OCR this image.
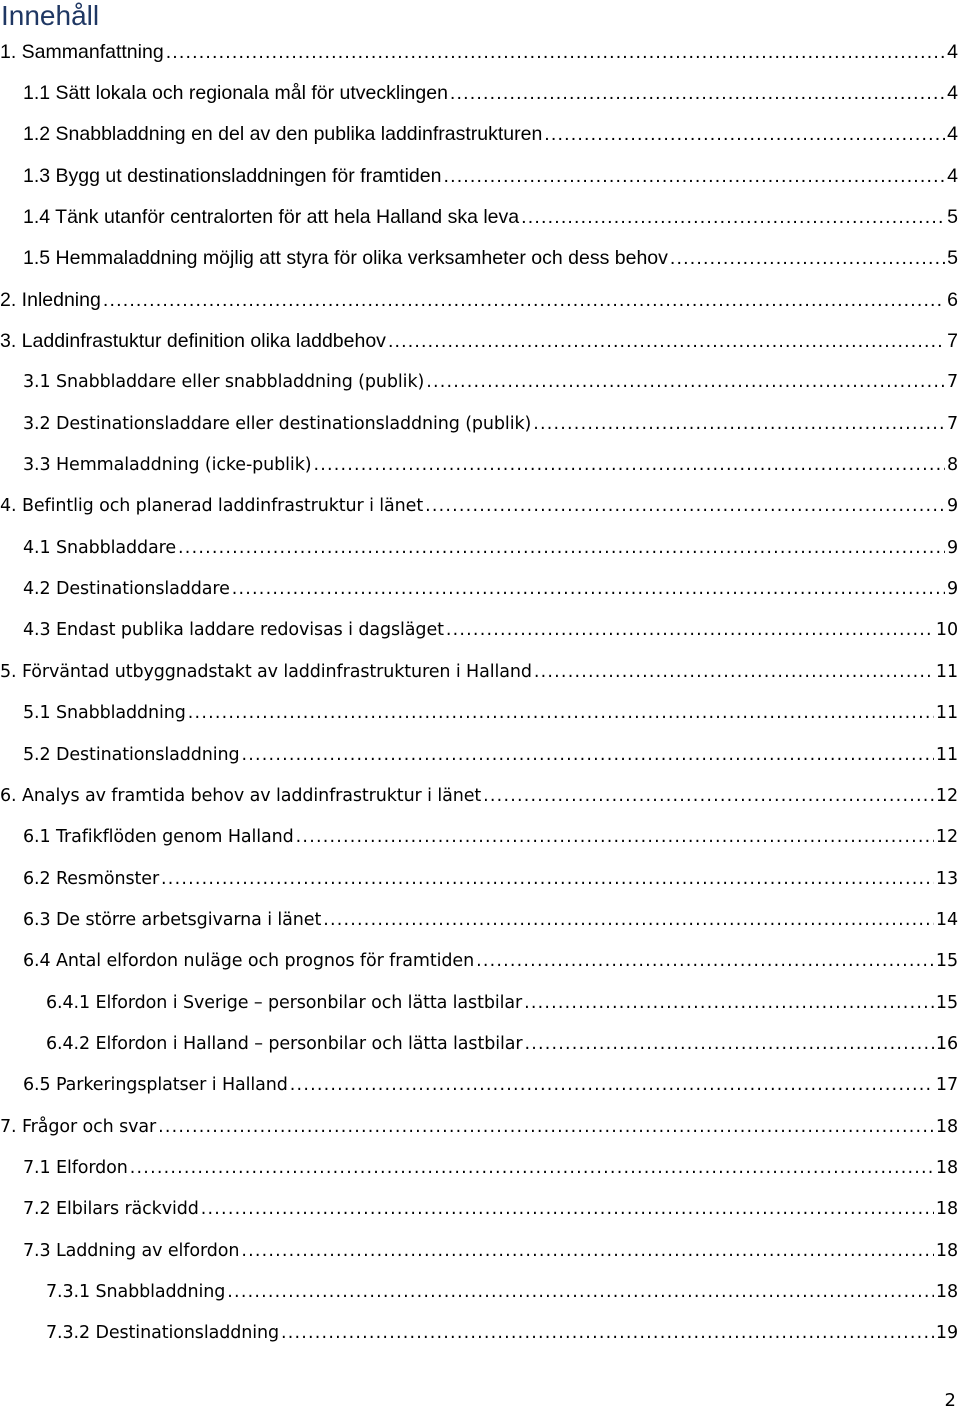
Innehåll
1. Sammanfattning .....	4
1.1 Sätt lokala och regionala mål för utvecklingen .....	4
1.2 Snabbladdning en del av den publika laddinfrastrukturen .....	4
1.3 Bygg ut destinationsladdningen för framtiden .....	4
1.4 Tänk utanför centralorten för att hela Halland ska leva .....	5
1.5 Hemmaladdning möjlig att styra för olika verksamheter och dess behov .....	5
2. Inledning .....	6
3. Laddinfrastuktur definition olika laddbehov .....	7
3.1 Snabbladdare eller snabbladdning (publik) .....	7
3.2 Destinationsladdare eller destinationsladdning (publik) .....	7
3.3 Hemmaladdning (icke-publik) .....	8
4. Befintlig och planerad laddinfrastruktur i länet .....	9
4.1 Snabbladdare .....	9
4.2 Destinationsladdare .....	9
4.3 Endast publika laddare redovisas i dagsläget .....	10
5. Förväntad utbyggnadstakt av laddinfrastrukturen i Halland .....	11
5.1 Snabbladdning .....	11
5.2 Destinationsladdning .....	11
6. Analys av framtida behov av laddinfrastruktur i länet .....	12
6.1 Trafikflöden genom Halland .....	12
6.2 Resmönster .....	13
6.3 De större arbetsgivarna i länet .....	14
6.4 Antal elfordon nuläge och prognos för framtiden .....	15
6.4.1 Elfordon i Sverige – personbilar och lätta lastbilar .....	15
6.4.2 Elfordon i Halland – personbilar och lätta lastbilar .....	16
6.5 Parkeringsplatser i Halland .....	17
7. Frågor och svar .....	18
7.1 Elfordon .....	18
7.2 Elbilars räckvidd .....	18
7.3 Laddning av elfordon .....	18
7.3.1 Snabbladdning .....	18
7.3.2 Destinationsladdning .....	19
2
